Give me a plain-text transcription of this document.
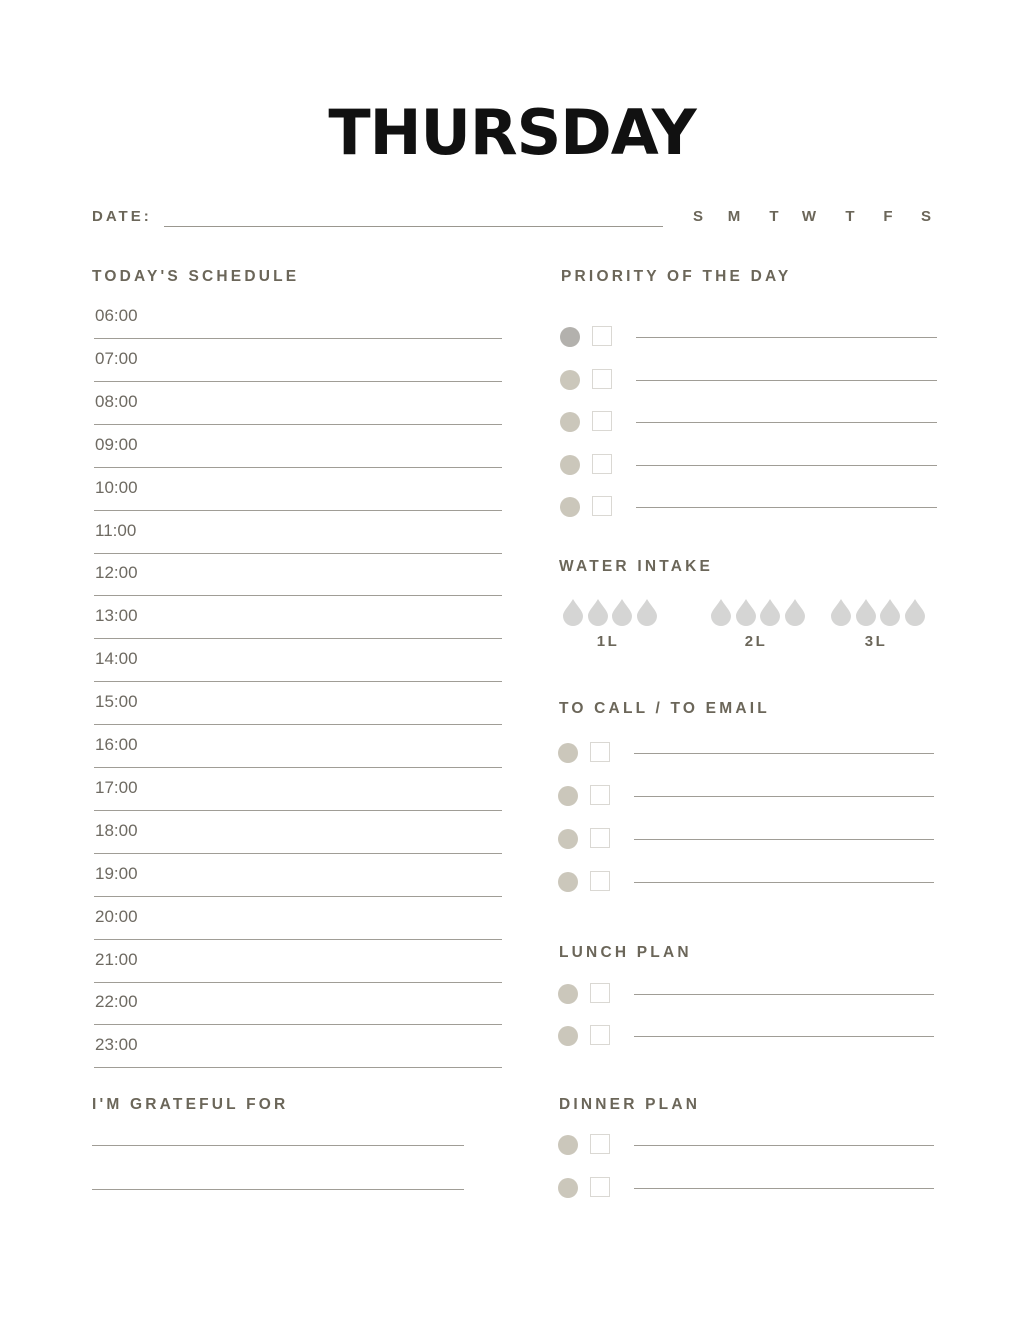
THURSDAY
DATE:	S M T W T F S
TODAY'S SCHEDULE
06:00
07:00
08:00
09:00
10:00
11:00
12:00
13:00
14:00
15:00
16:00
17:00
18:00
19:00
20:00
21:00
22:00
23:00
PRIORITY OF THE DAY
WATER INTAKE
1L	2L	3L
TO CALL / TO EMAIL
LUNCH PLAN
DINNER PLAN
I'M GRATEFUL FOR
